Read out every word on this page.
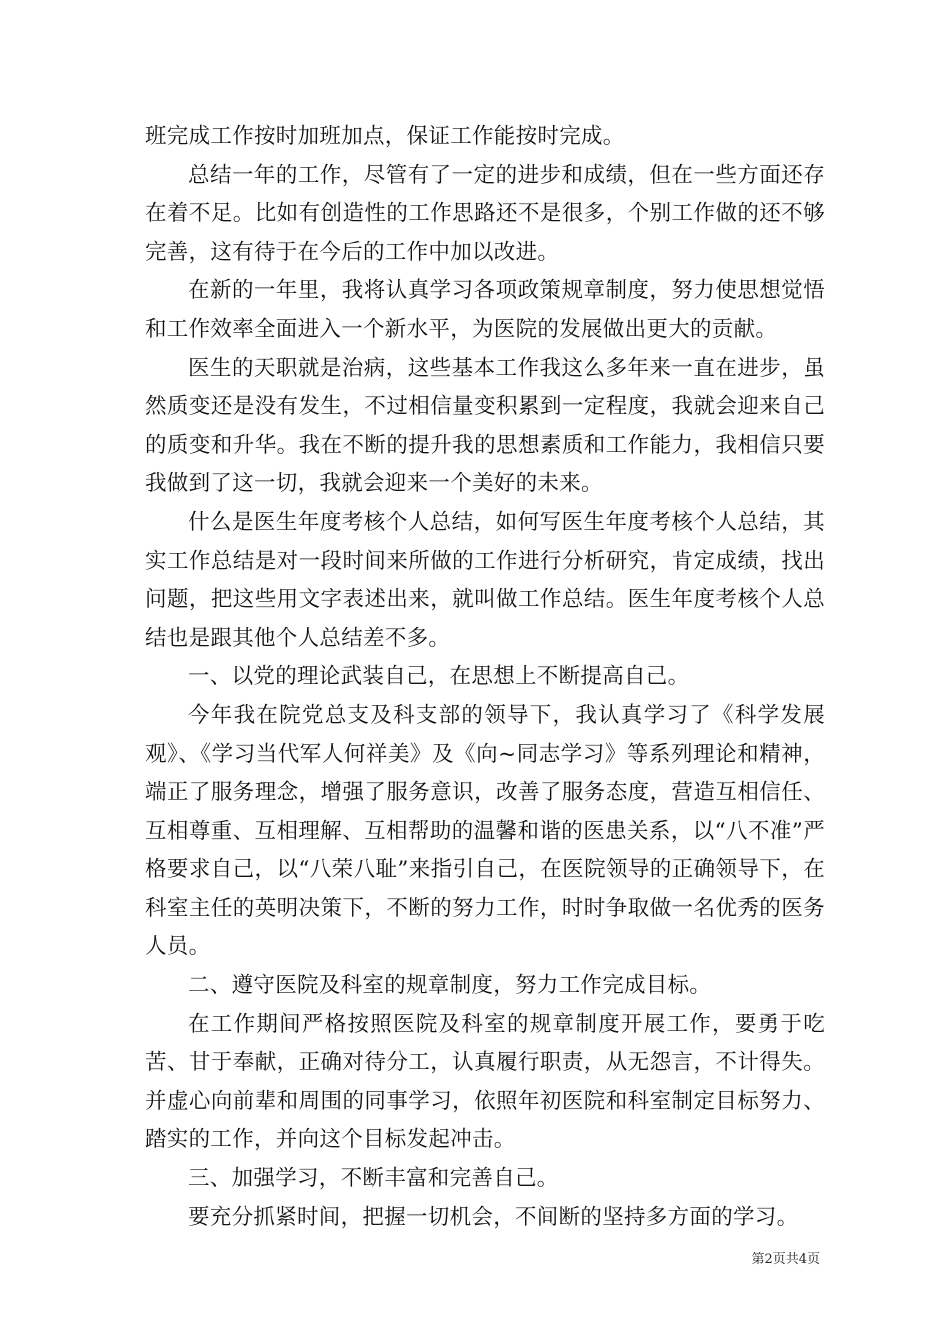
班完成工作按时加班加点，保证工作能按时完成。

总结一年的工作，尽管有了一定的进步和成绩，但在一些方面还存在着不足。比如有创造性的工作思路还不是很多，个别工作做的还不够完善，这有待于在今后的工作中加以改进。

在新的一年里，我将认真学习各项政策规章制度，努力使思想觉悟和工作效率全面进入一个新水平，为医院的发展做出更大的贡献。

医生的天职就是治病，这些基本工作我这么多年来一直在进步，虽然质变还是没有发生，不过相信量变积累到一定程度，我就会迎来自己的质变和升华。我在不断的提升我的思想素质和工作能力，我相信只要我做到了这一切，我就会迎来一个美好的未来。

什么是医生年度考核个人总结，如何写医生年度考核个人总结，其实工作总结是对一段时间来所做的工作进行分析研究，肯定成绩，找出问题，把这些用文字表述出来，就叫做工作总结。医生年度考核个人总结也是跟其他个人总结差不多。

一、以党的理论武装自己，在思想上不断提高自己。

今年我在院党总支及科支部的领导下，我认真学习了《科学发展观》、《学习当代军人何祥美》及《向~同志学习》等系列理论和精神，端正了服务理念，增强了服务意识，改善了服务态度，营造互相信任、互相尊重、互相理解、互相帮助的温馨和谐的医患关系，以“八不准”严格要求自己，以“八荣八耻”来指引自己，在医院领导的正确领导下，在科室主任的英明决策下，不断的努力工作，时时争取做一名优秀的医务人员。

二、遵守医院及科室的规章制度，努力工作完成目标。

在工作期间严格按照医院及科室的规章制度开展工作，要勇于吃苦、甘于奉献，正确对待分工，认真履行职责，从无怨言，不计得失。并虚心向前辈和周围的同事学习，依照年初医院和科室制定目标努力、踏实的工作，并向这个目标发起冲击。

三、加强学习，不断丰富和完善自己。

要充分抓紧时间，把握一切机会，不间断的坚持多方面的学习。

第2页共4页
